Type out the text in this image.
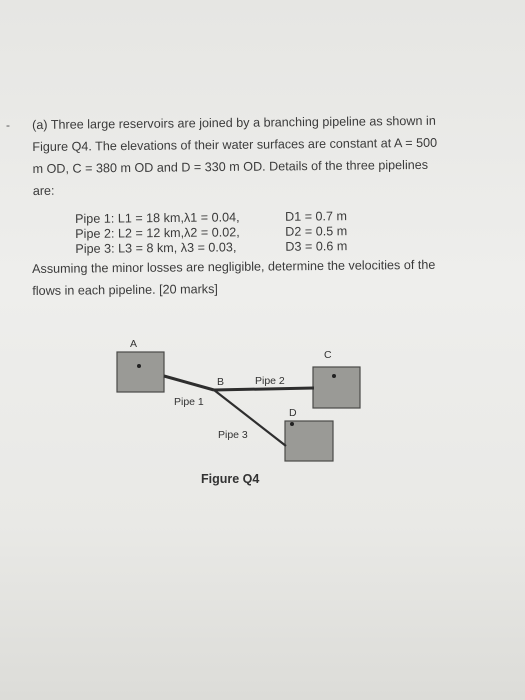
- (a) Three large reservoirs are joined by a branching pipeline as shown in
Figure Q4. The elevations of their water surfaces are constant at A = 500
m OD, C = 380 m OD and D = 330 m OD. Details of the three pipelines
are:

Pipe 1: L1 = 18 km,λ1 = 0.04,	D1 = 0.7 m
Pipe 2: L2 = 12 km,λ2 = 0.02,	D2 = 0.5 m
Pipe 3: L3 = 8 km, λ3 = 0.03,	D3 = 0.6 m

Assuming the minor losses are negligible, determine the velocities of the
flows in each pipeline. [20 marks]

A
C
D
B	Pipe 2
Pipe 1
Pipe 3
Figure Q4
